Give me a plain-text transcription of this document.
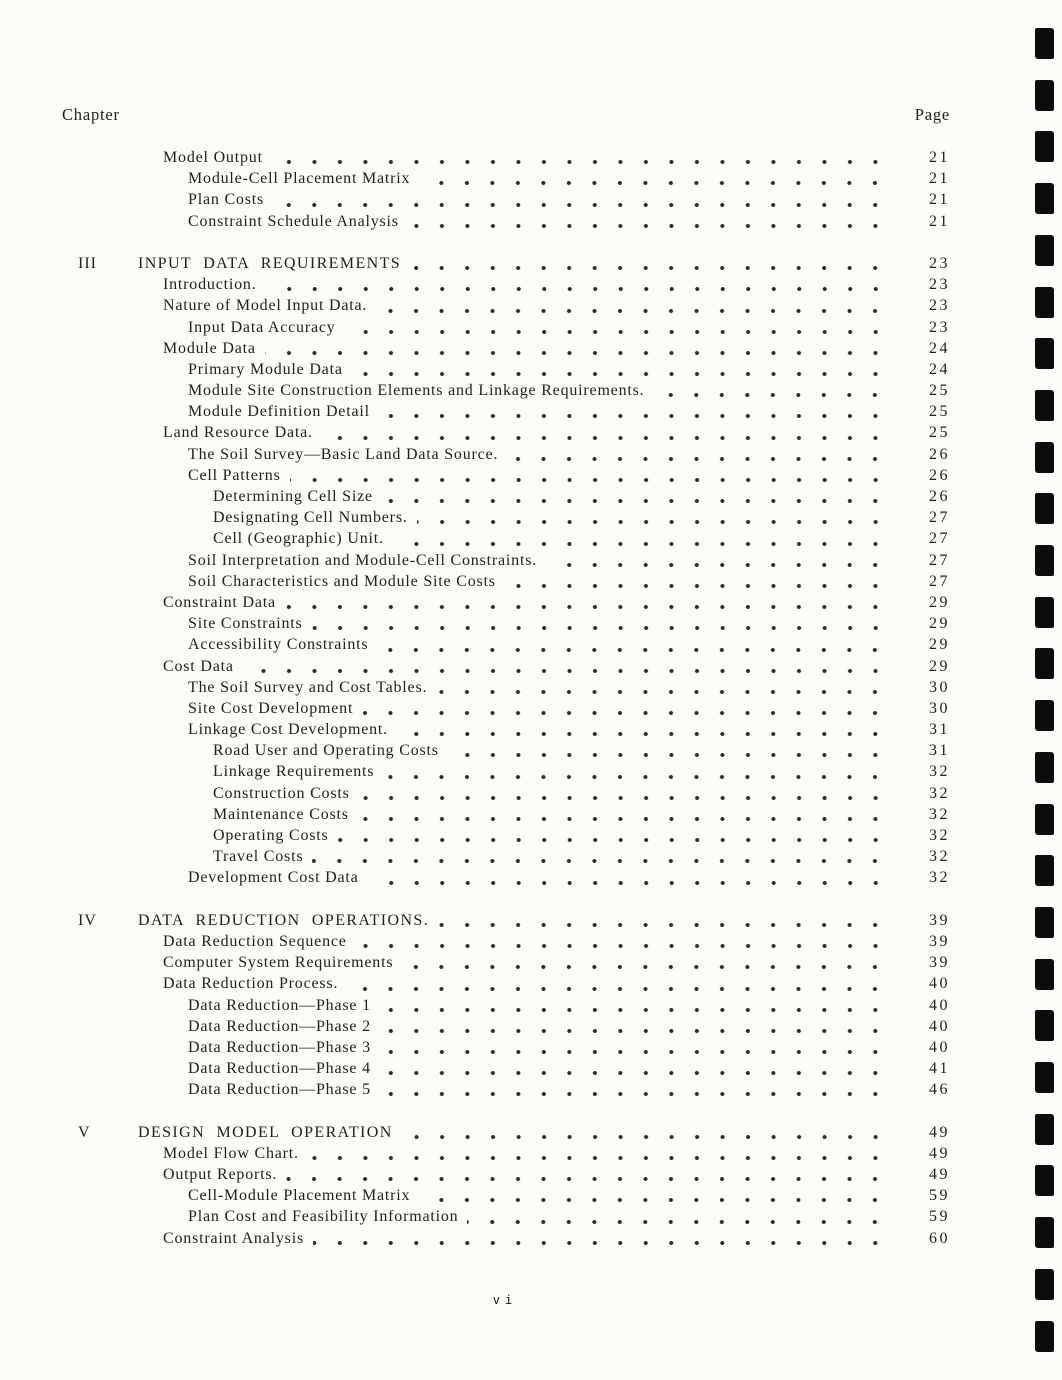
Chapter	Page
Model Output	21
Module-Cell Placement Matrix	21
Plan Costs	21
Constraint Schedule Analysis	21
III	INPUT DATA REQUIREMENTS	23
Introduction.	23
Nature of Model Input Data.	23
Input Data Accuracy	23
Module Data	24
Primary Module Data	24
Module Site Construction Elements and Linkage Requirements.	25
Module Definition Detail	25
Land Resource Data.	25
The Soil Survey—Basic Land Data Source.	26
Cell Patterns	26
Determining Cell Size	26
Designating Cell Numbers.	27
Cell (Geographic) Unit.	27
Soil Interpretation and Module-Cell Constraints.	27
Soil Characteristics and Module Site Costs	27
Constraint Data	29
Site Constraints	29
Accessibility Constraints	29
Cost Data	29
The Soil Survey and Cost Tables.	30
Site Cost Development	30
Linkage Cost Development.	31
Road User and Operating Costs	31
Linkage Requirements	32
Construction Costs	32
Maintenance Costs	32
Operating Costs	32
Travel Costs	32
Development Cost Data	32
IV	DATA REDUCTION OPERATIONS.	39
Data Reduction Sequence	39
Computer System Requirements	39
Data Reduction Process.	40
Data Reduction—Phase 1	40
Data Reduction—Phase 2	40
Data Reduction—Phase 3	40
Data Reduction—Phase 4	41
Data Reduction—Phase 5	46
V	DESIGN MODEL OPERATION	49
Model Flow Chart.	49
Output Reports.	49
Cell-Module Placement Matrix	59
Plan Cost and Feasibility Information	59
Constraint Analysis	60
vi
